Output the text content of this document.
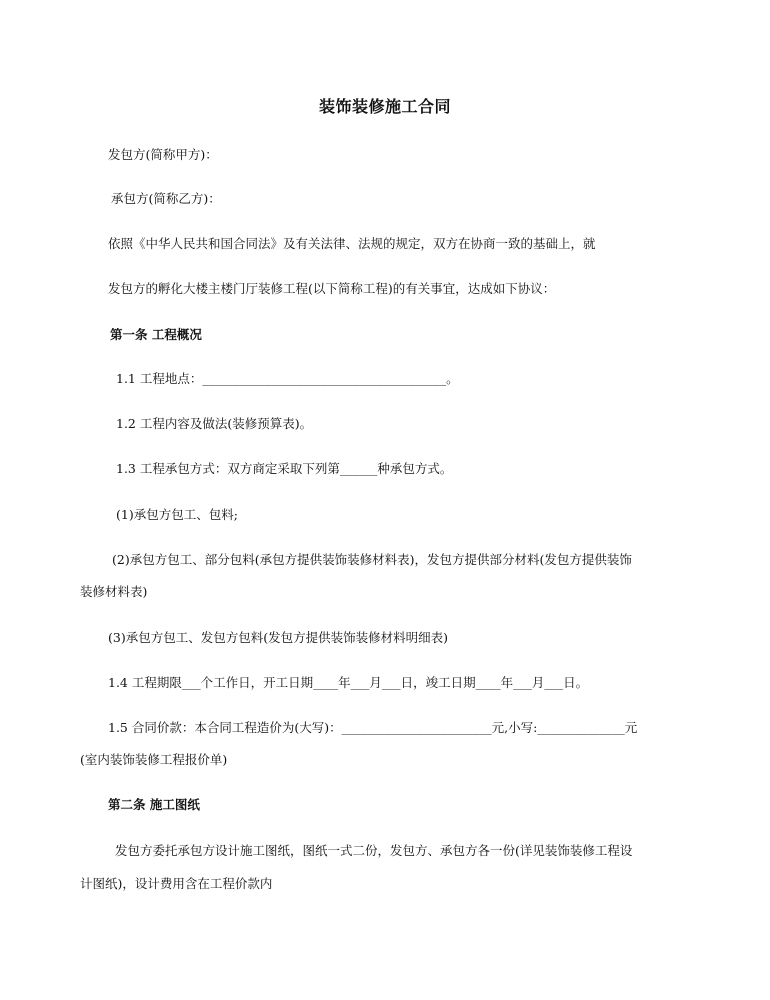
装饰装修施工合同
发包方(简称甲方)：
承包方(简称乙方)：
依照《中华人民共和国合同法》及有关法律、法规的规定，双方在协商一致的基础上，就
发包方的孵化大楼主楼门厅装修工程(以下简称工程)的有关事宜，达成如下协议：
第一条 工程概况
1.1 工程地点：_______________________________________。
1.2 工程内容及做法(装修预算表)。
1.3 工程承包方式：双方商定采取下列第______种承包方式。
(1)承包方包工、包料;
(2)承包方包工、部分包料(承包方提供装饰装修材料表)，发包方提供部分材料(发包方提供装饰
装修材料表)
(3)承包方包工、发包方包料(发包方提供装饰装修材料明细表)
1.4 工程期限___个工作日，开工日期____年___月___日，竣工日期____年___月___日。
1.5 合同价款：本合同工程造价为(大写)：________________________元,小写:______________元
(室内装饰装修工程报价单)
第二条 施工图纸
发包方委托承包方设计施工图纸，图纸一式二份，发包方、承包方各一份(详见装饰装修工程设
计图纸)，设计费用含在工程价款内
